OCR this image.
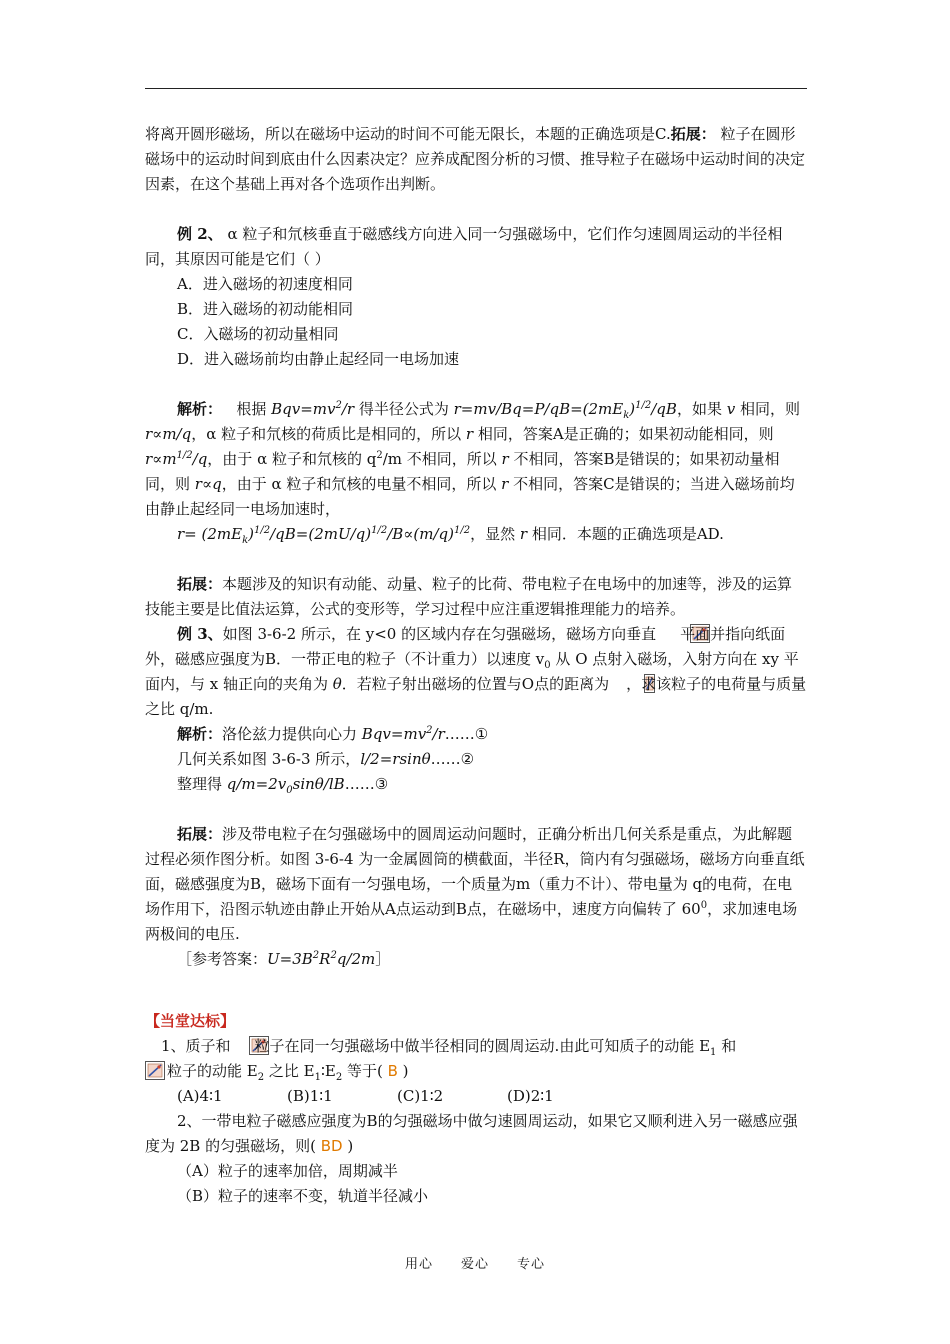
将离开圆形磁场，所以在磁场中运动的时间不可能无限长，本题的正确选项是C.拓展： 粒子在圆形磁场中的运动时间到底由什么因素决定？应养成配图分析的习惯、推导粒子在磁场中运动时间的决定因素，在这个基础上再对各个选项作出判断。

例 2、 α 粒子和氘核垂直于磁感线方向进入同一匀强磁场中，它们作匀速圆周运动的半径相同，其原因可能是它们（ ）

A．进入磁场的初速度相同

B．进入磁场的初动能相同

C．入磁场的初动量相同

D．进入磁场前均由静止起经同一电场加速

解析： 根据 $Bqv=mv^2/r$ 得半径公式为 $r=mv/Bq=P/qB=(2mE_k)^{1/2}/qB$，如果 v 相同，则 r∝m/q，α 粒子和氘核的荷质比是相同的，所以 r 相同，答案A是正确的；如果初动能相同，则 $r\propto m^{1/2}/q$，由于 α 粒子和氘核的 $q^2/m$ 不相同，所以 r 不相同，答案B是错误的；如果初动量相同，则 r∝q，由于 α 粒子和氘核的电量不相同，所以 r 不相同，答案C是错误的；当进入磁场前均由静止起经同一电场加速时，

$r= (2mE_k)^{1/2}/qB=(2mU/q)^{1/2}/B\propto(m/q)^{1/2}$，显然 r 相同．本题的正确选项是AD.

拓展：本题涉及的知识有动能、动量、粒子的比荷、带电粒子在电场中的加速等，涉及的运算技能主要是比值法运算，公式的变形等，学习过程中应注重逻辑推理能力的培养。

例 3、如图 3-6-2 所示，在 y<0 的区域内存在匀强磁场，磁场方向垂直 平面并指向纸面外，磁感应强度为B．一带正电的粒子（不计重力）以速度 $v_0$ 从 O 点射入磁场，入射方向在 xy 平面内，与 x 轴正向的夹角为 θ．若粒子射出磁场的位置与O点的距离为 ，求该粒子的电荷量与质量之比 q/m.

解析：洛伦兹力提供向心力 $Bqv=mv^2/r\dots\dots ①$

几何关系如图 3-6-3 所示，l/2=rsinθ……②

整理得 $q/m=2v_0\sin\theta/lB\dots\dots ③$

拓展：涉及带电粒子在匀强磁场中的圆周运动问题时，正确分析出几何关系是重点，为此解题过程必须作图分析。如图 3-6-4 为一金属圆筒的横截面，半径R，筒内有匀强磁场，磁场方向垂直纸面，磁感强度为B，磁场下面有一匀强电场，一个质量为m（重力不计）、带电量为 q的电荷，在电场作用下，沿图示轨迹由静止开始从A点运动到B点，在磁场中，速度方向偏转了 $60^0$，求加速电场两极间的电压.

［参考答案：$U=3B^2R^2q/2m]$

【当堂达标】

1、质子和 粒子在同一匀强磁场中做半径相同的圆周运动.由此可知质子的动能 $E_1$ 和

粒子的动能 $E_2$ 之比 $E_1∶E_2$ 等于( B )

(A)4∶1	(B)1∶1	(C)1∶2	(D)2∶1

2、一带电粒子磁感应强度为B的匀强磁场中做匀速圆周运动，如果它又顺利进入另一磁感应强度为 2B 的匀强磁场，则( BD )

（A）粒子的速率加倍，周期减半

（B）粒子的速率不变，轨道半径减小

用心 爱心 专心
